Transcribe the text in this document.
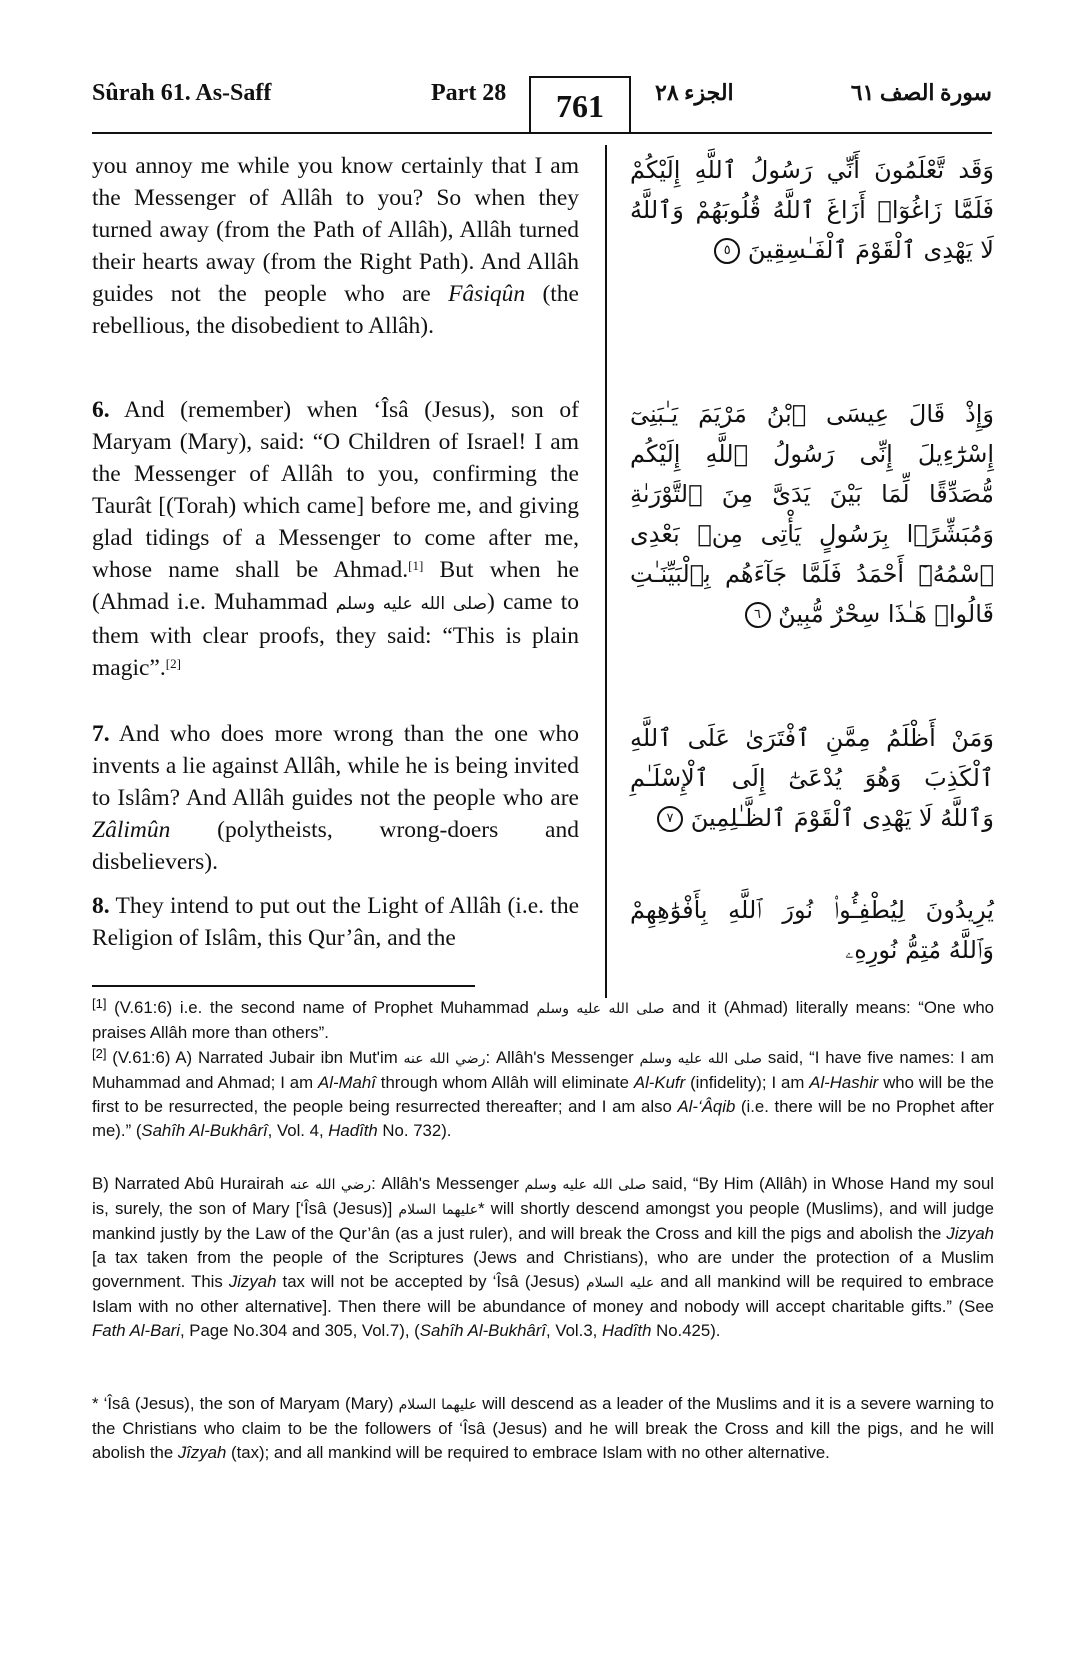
Sûrah 61. As-Saff	Part 28	761	الجزء ٢٨	سورة الصف ٦١

you annoy me while you know certainly that I am the Messenger of Allâh to you? So when they turned away (from the Path of Allâh), Allâh turned their hearts away (from the Right Path). And Allâh guides not the people who are Fâsiqûn (the rebellious, the disobedient to Allâh).

6. And (remember) when ‘Îsâ (Jesus), son of Maryam (Mary), said: “O Children of Israel! I am the Messenger of Allâh to you, confirming the Taurât [(Torah) which came] before me, and giving glad tidings of a Messenger to come after me, whose name shall be Ahmad.[1] But when he (Ahmad i.e. Muhammad صلى الله عليه وسلم) came to them with clear proofs, they said: “This is plain magic”.[2]

7. And who does more wrong than the one who invents a lie against Allâh, while he is being invited to Islâm? And Allâh guides not the people who are Zâlimûn (polytheists, wrong-doers and disbelievers).

8. They intend to put out the Light of Allâh (i.e. the Religion of Islâm, this Qur’ân, and the

وَقَد تَّعْلَمُونَ أَنِّي رَسُولُ ٱللَّهِ إِلَيْكُمْ فَلَمَّا زَاغُوٓا۟ أَزَاغَ ٱللَّهُ قُلُوبَهُمْ وَٱللَّهُ لَا يَهْدِى ٱلْقَوْمَ ٱلْفَـٰسِقِينَ ٥

وَإِذْ قَالَ عِيسَى ٱبْنُ مَرْيَمَ يَـٰبَنِىٓ إِسْرَٰٓءِيلَ إِنِّى رَسُولُ ٱللَّهِ إِلَيْكُم مُّصَدِّقًا لِّمَا بَيْنَ يَدَىَّ مِنَ ٱلتَّوْرَىٰةِ وَمُبَشِّرًۢا بِرَسُولٍ يَأْتِى مِنۢ بَعْدِى ٱسْمُهُۥٓ أَحْمَدُ فَلَمَّا جَآءَهُم بِٱلْبَيِّنَـٰتِ قَالُوا۟ هَـٰذَا سِحْرٌ مُّبِينٌ ٦

وَمَنْ أَظْلَمُ مِمَّنِ ٱفْتَرَىٰ عَلَى ٱللَّهِ ٱلْكَذِبَ وَهُوَ يُدْعَىٰٓ إِلَى ٱلْإِسْلَـٰمِ وَٱللَّهُ لَا يَهْدِى ٱلْقَوْمَ ٱلظَّـٰلِمِينَ ٧

يُرِيدُونَ لِيُطْفِـُٔوا۟ نُورَ ٱللَّهِ بِأَفْوَٰهِهِمْ وَٱللَّهُ مُتِمُّ نُورِهِۦ

[1] (V.61:6) i.e. the second name of Prophet Muhammad صلى الله عليه وسلم and it (Ahmad) literally means: “One who praises Allâh more than others”.

[2] (V.61:6) A) Narrated Jubair ibn Mut'im رضي الله عنه: Allâh's Messenger صلى الله عليه وسلم said, “I have five names: I am Muhammad and Ahmad; I am Al-Mahî through whom Allâh will eliminate Al-Kufr (infidelity); I am Al-Hashir who will be the first to be resurrected, the people being resurrected thereafter; and I am also Al-‘Âqib (i.e. there will be no Prophet after me).” (Sahîh Al-Bukhârî, Vol. 4, Hadîth No. 732).

B) Narrated Abû Hurairah رضي الله عنه: Allâh's Messenger صلى الله عليه وسلم said, “By Him (Allâh) in Whose Hand my soul is, surely, the son of Mary [‘Îsâ (Jesus)] عليهما السلام* will shortly descend amongst you people (Muslims), and will judge mankind justly by the Law of the Qur’ân (as a just ruler), and will break the Cross and kill the pigs and abolish the Jizyah [a tax taken from the people of the Scriptures (Jews and Christians), who are under the protection of a Muslim government. This Jizyah tax will not be accepted by ‘Îsâ (Jesus) عليه السلام and all mankind will be required to embrace Islam with no other alternative]. Then there will be abundance of money and nobody will accept charitable gifts.” (See Fath Al-Bari, Page No.304 and 305, Vol.7), (Sahîh Al-Bukhârî, Vol.3, Hadîth No.425).

* ‘Îsâ (Jesus), the son of Maryam (Mary) عليهما السلام will descend as a leader of the Muslims and it is a severe warning to the Christians who claim to be the followers of ‘Îsâ (Jesus) and he will break the Cross and kill the pigs, and he will abolish the Jîzyah (tax); and all mankind will be required to embrace Islam with no other alternative.
